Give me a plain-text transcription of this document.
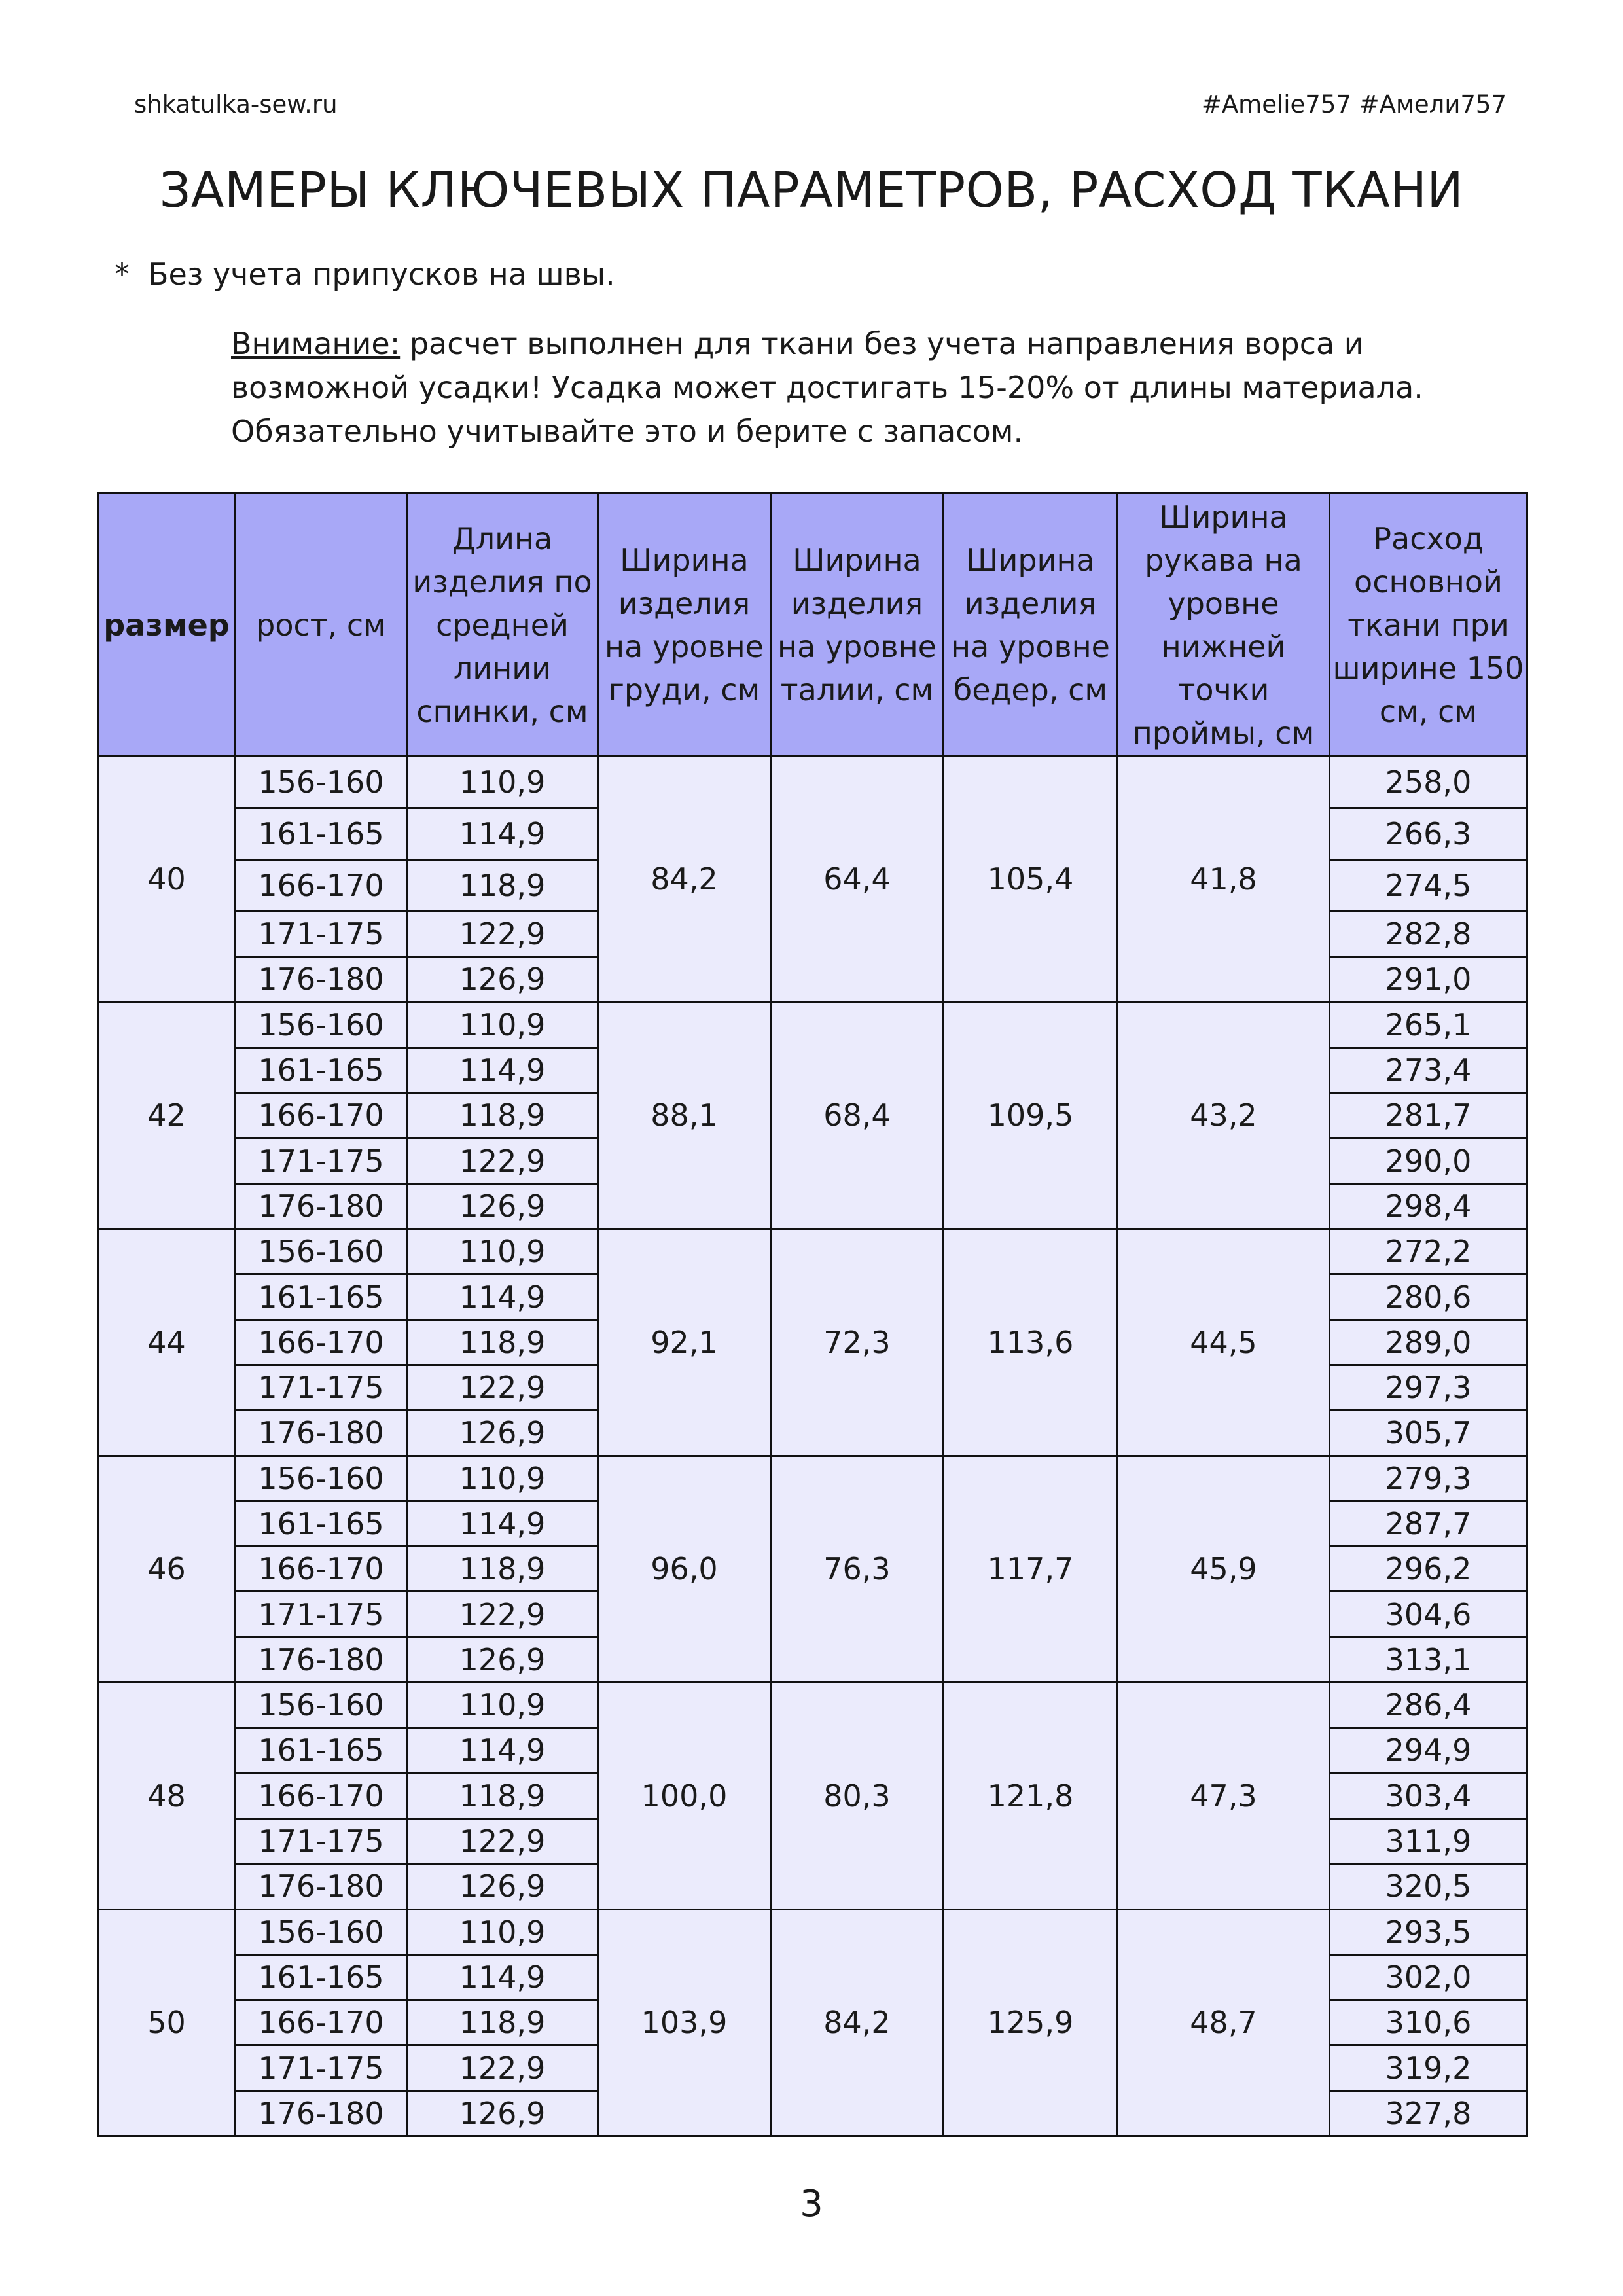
shkatulka-sew.ru	#Amelie757 #Амели757
ЗАМЕРЫ КЛЮЧЕВЫХ ПАРАМЕТРОВ, РАСХОД ТКАНИ
* Без учета припусков на швы.
Внимание: расчет выполнен для ткани без учета направления ворса и возможной усадки! Усадка может достигать 15-20% от длины материала. Обязательно учитывайте это и берите с запасом.
размер	рост, см	Длина изделия по средней линии спинки, см	Ширина изделия на уровне груди, см	Ширина изделия на уровне талии, см	Ширина изделия на уровне бедер, см	Ширина рукава на уровне нижней точки проймы, см	Расход основной ткани при ширине 150 см, см
40	156-160	110,9	84,2	64,4	105,4	41,8	258,0
	161-165	114,9					266,3
	166-170	118,9					274,5
	171-175	122,9					282,8
	176-180	126,9					291,0
42	156-160	110,9	88,1	68,4	109,5	43,2	265,1
	161-165	114,9					273,4
	166-170	118,9					281,7
	171-175	122,9					290,0
	176-180	126,9					298,4
44	156-160	110,9	92,1	72,3	113,6	44,5	272,2
	161-165	114,9					280,6
	166-170	118,9					289,0
	171-175	122,9					297,3
	176-180	126,9					305,7
46	156-160	110,9	96,0	76,3	117,7	45,9	279,3
	161-165	114,9					287,7
	166-170	118,9					296,2
	171-175	122,9					304,6
	176-180	126,9					313,1
48	156-160	110,9	100,0	80,3	121,8	47,3	286,4
	161-165	114,9					294,9
	166-170	118,9					303,4
	171-175	122,9					311,9
	176-180	126,9					320,5
50	156-160	110,9	103,9	84,2	125,9	48,7	293,5
	161-165	114,9					302,0
	166-170	118,9					310,6
	171-175	122,9					319,2
	176-180	126,9					327,8
3
